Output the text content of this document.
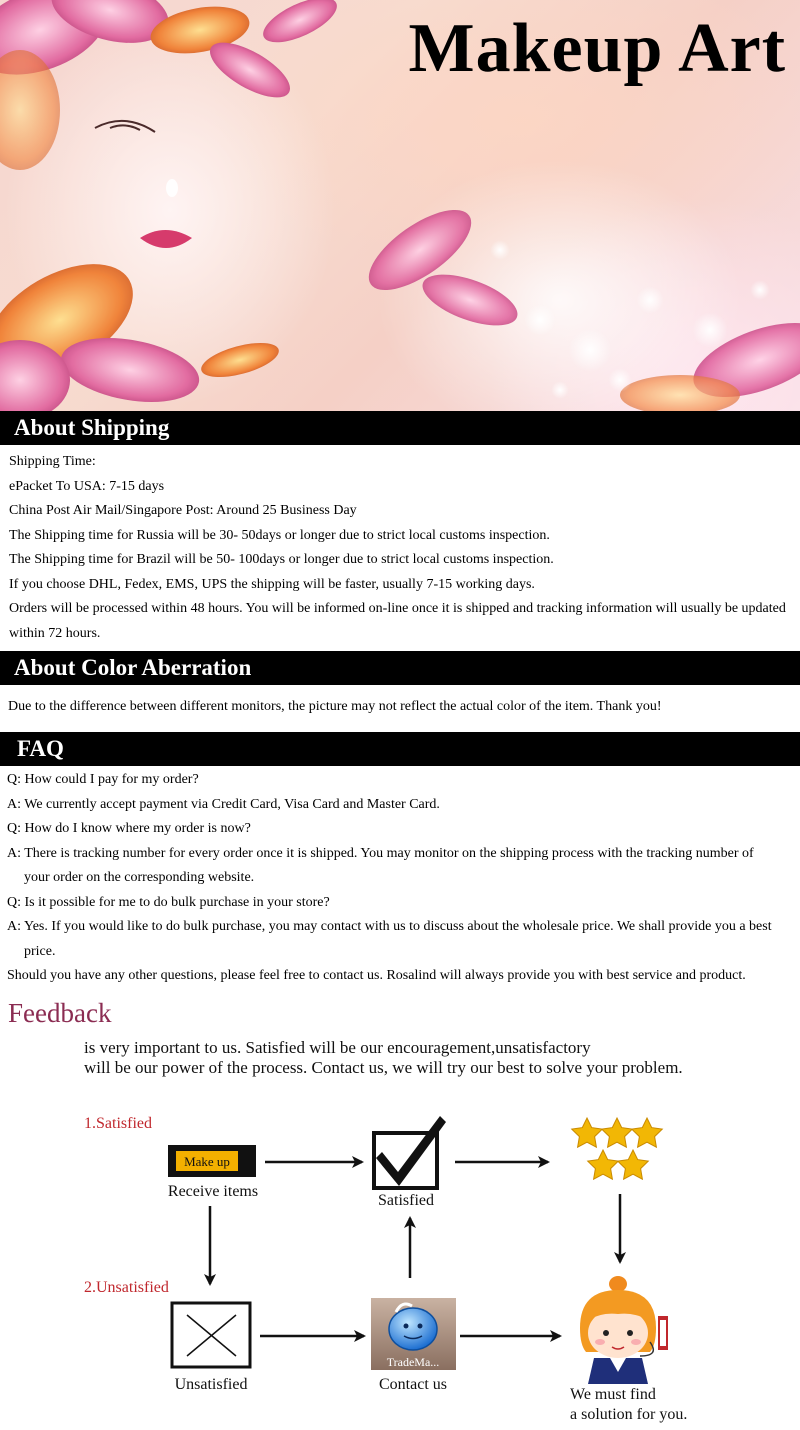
Makeup Art
About Shipping

Shipping Time:

ePacket To USA: 7-15 days

China Post Air Mail/Singapore Post: Around 25 Business Day

The Shipping time for Russia will be 30- 50days or longer due to strict local customs inspection.

The Shipping time for Brazil will be 50- 100days or longer due to strict local customs inspection.

If you choose DHL, Fedex, EMS, UPS the shipping will be faster, usually 7-15 working days.

Orders will be processed within 48 hours. You will be informed on-line once it is shipped and tracking information will usually be updated within 72 hours.

About Color Aberration

Due to the difference between different monitors, the picture may not reflect the actual color of the item. Thank you!

FAQ

Q: How could I pay for my order?

A: We currently accept payment via Credit Card, Visa Card and Master Card.

Q: How do I know where my order is now?

A: There is tracking number for every order once it is shipped. You may monitor on the shipping process with the tracking number of your order on the corresponding website.

Q: Is it possible for me to do bulk purchase in your store?

A: Yes. If you would like to do bulk purchase, you may contact with us to discuss about the wholesale price. We shall provide you a best price.

Should you have any other questions, please feel free to contact us. Rosalind will always provide you with best service and product.

Feedback
is very important to us. Satisfied will be our encouragement,unsatisfactory
will be our power of the process. Contact us, we will try our best to solve your problem.
1.Satisfied
2.Unsatisfied
Make up
Receive items
Satisfied
Unsatisfied
TradeMa...
Contact us
We must find
a solution for you.
